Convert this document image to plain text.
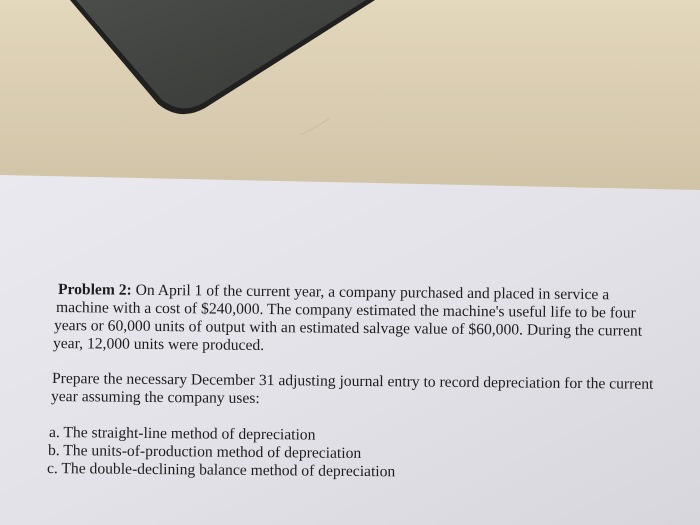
Problem 2: On April 1 of the current year, a company purchased and placed in service a
machine with a cost of $240,000. The company estimated the machine's useful life to be four
years or 60,000 units of output with an estimated salvage value of $60,000. During the current
year, 12,000 units were produced.
Prepare the necessary December 31 adjusting journal entry to record depreciation for the current
year assuming the company uses:
a. The straight-line method of depreciation
b. The units-of-production method of depreciation
c. The double-declining balance method of depreciation
